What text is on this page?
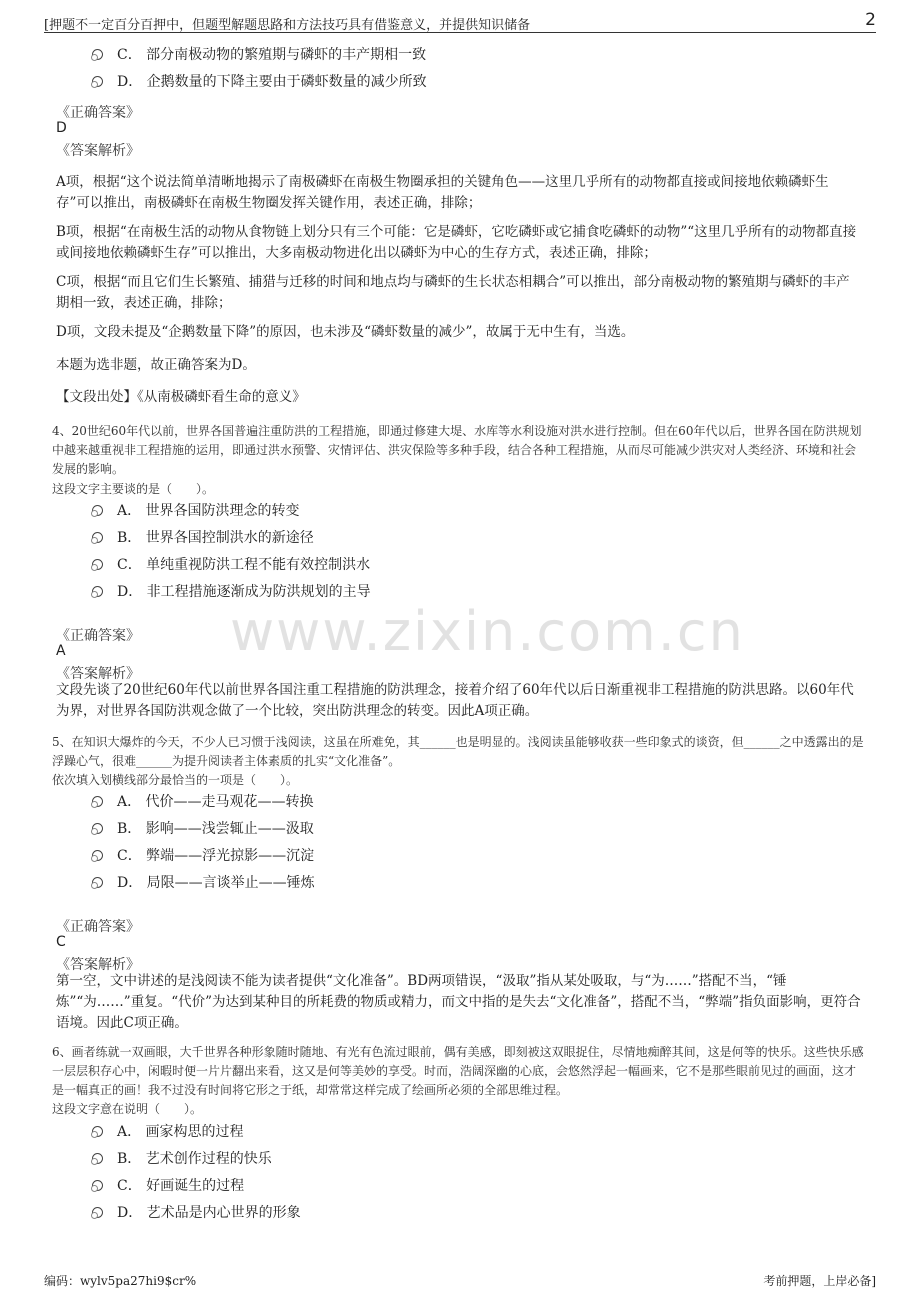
[押题不一定百分百押中，但题型解题思路和方法技巧具有借鉴意义，并提供知识储备	2
www.zixin.com.cn
C． 部分南极动物的繁殖期与磷虾的丰产期相一致
D． 企鹅数量的下降主要由于磷虾数量的减少所致
《正确答案》
D
《答案解析》
A项，根据“这个说法简单清晰地揭示了南极磷虾在南极生物圈承担的关键角色——这里几乎所有的动物都直接或间接地依赖磷虾生存”可以推出，南极磷虾在南极生物圈发挥关键作用，表述正确，排除；
B项，根据“在南极生活的动物从食物链上划分只有三个可能：它是磷虾，它吃磷虾或它捕食吃磷虾的动物”“这里几乎所有的动物都直接或间接地依赖磷虾生存”可以推出，大多南极动物进化出以磷虾为中心的生存方式，表述正确，排除；
C项，根据“而且它们生长繁殖、捕猎与迁移的时间和地点均与磷虾的生长状态相耦合”可以推出，部分南极动物的繁殖期与磷虾的丰产期相一致，表述正确，排除；
D项，文段未提及“企鹅数量下降”的原因，也未涉及“磷虾数量的减少”，故属于无中生有，当选。
本题为选非题，故正确答案为D。
【文段出处】《从南极磷虾看生命的意义》
4、20世纪60年代以前，世界各国普遍注重防洪的工程措施，即通过修建大堤、水库等水利设施对洪水进行控制。但在60年代以后，世界各国在防洪规划中越来越重视非工程措施的运用，即通过洪水预警、灾情评估、洪灾保险等多种手段，结合各种工程措施，从而尽可能减少洪灾对人类经济、环境和社会发展的影响。
这段文字主要谈的是（　　）。
A． 世界各国防洪理念的转变
B． 世界各国控制洪水的新途径
C． 单纯重视防洪工程不能有效控制洪水
D． 非工程措施逐渐成为防洪规划的主导
《正确答案》
A
《答案解析》
文段先谈了20世纪60年代以前世界各国注重工程措施的防洪理念，接着介绍了60年代以后日渐重视非工程措施的防洪思路。以60年代为界，对世界各国防洪观念做了一个比较，突出防洪理念的转变。因此A项正确。
5、在知识大爆炸的今天，不少人已习惯于浅阅读，这虽在所难免，其______也是明显的。浅阅读虽能够收获一些印象式的谈资，但______之中透露出的是浮躁心气，很难______为提升阅读者主体素质的扎实“文化准备”。
依次填入划横线部分最恰当的一项是（　　）。
A． 代价——走马观花——转换
B． 影响——浅尝辄止——汲取
C． 弊端——浮光掠影——沉淀
D． 局限——言谈举止——锤炼
《正确答案》
C
《答案解析》
第一空，文中讲述的是浅阅读不能为读者提供“文化准备”。BD两项错误，“汲取”指从某处吸取，与“为……”搭配不当，“锤炼”“为……”重复。“代价”为达到某种目的所耗费的物质或精力，而文中指的是失去“文化准备”，搭配不当，“弊端”指负面影响，更符合语境。因此C项正确。
6、画者练就一双画眼，大千世界各种形象随时随地、有光有色流过眼前，偶有美感，即刻被这双眼捉住，尽情地痴醉其间，这是何等的快乐。这些快乐感一层层积存心中，闲暇时便一片片翻出来看，这又是何等美妙的享受。时而，浩阔深幽的心底，会悠然浮起一幅画来，它不是那些眼前见过的画面，这才是一幅真正的画！我不过没有时间将它形之于纸，却常常这样完成了绘画所必须的全部思维过程。
这段文字意在说明（　　）。
A． 画家构思的过程
B． 艺术创作过程的快乐
C． 好画诞生的过程
D． 艺术品是内心世界的形象
编码：wylv5pa27hi9$cr%	考前押题，上岸必备]
